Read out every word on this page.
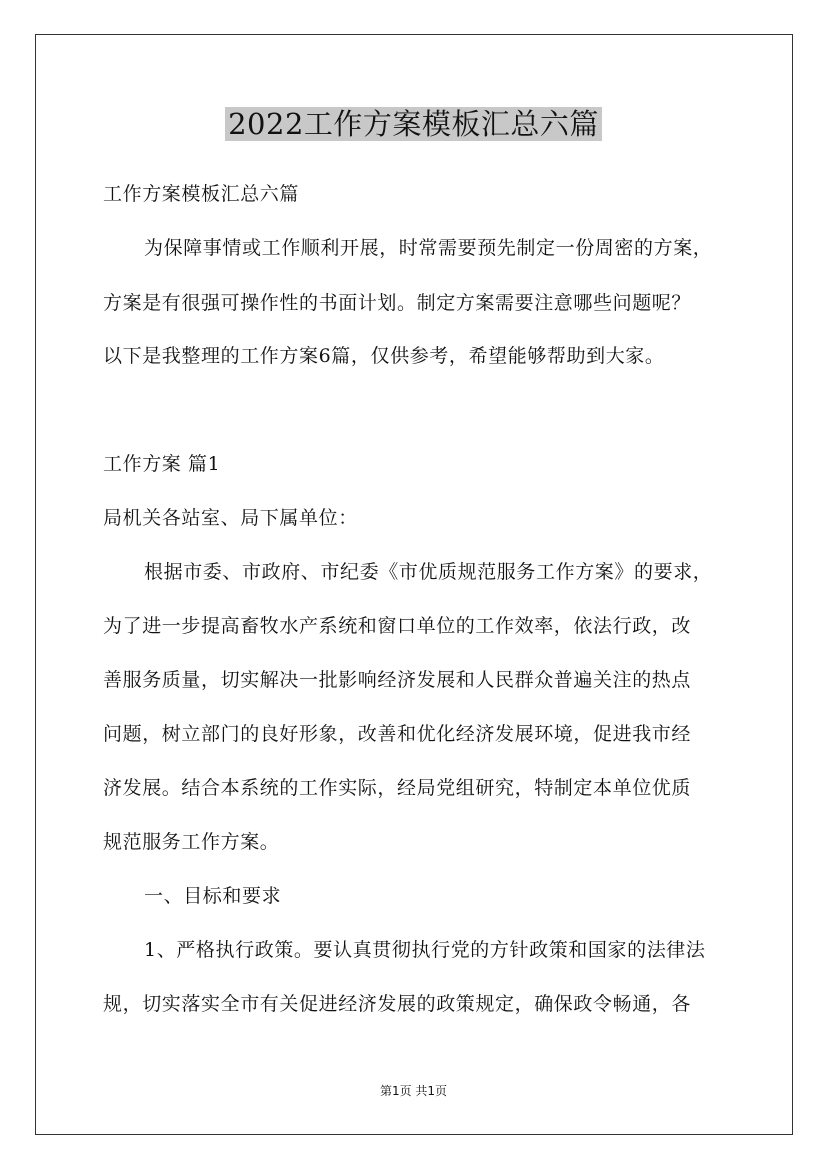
2022工作方案模板汇总六篇
工作方案模板汇总六篇
为保障事情或工作顺利开展，时常需要预先制定一份周密的方案，
方案是有很强可操作性的书面计划。制定方案需要注意哪些问题呢？
以下是我整理的工作方案6篇，仅供参考，希望能够帮助到大家。
工作方案 篇1
局机关各站室、局下属单位：
根据市委、市政府、市纪委《市优质规范服务工作方案》的要求，
为了进一步提高畜牧水产系统和窗口单位的工作效率，依法行政，改
善服务质量，切实解决一批影响经济发展和人民群众普遍关注的热点
问题，树立部门的良好形象，改善和优化经济发展环境，促进我市经
济发展。结合本系统的工作实际，经局党组研究，特制定本单位优质
规范服务工作方案。
一、目标和要求
1、严格执行政策。要认真贯彻执行党的方针政策和国家的法律法
规，切实落实全市有关促进经济发展的政策规定，确保政令畅通，各
第1页 共1页
